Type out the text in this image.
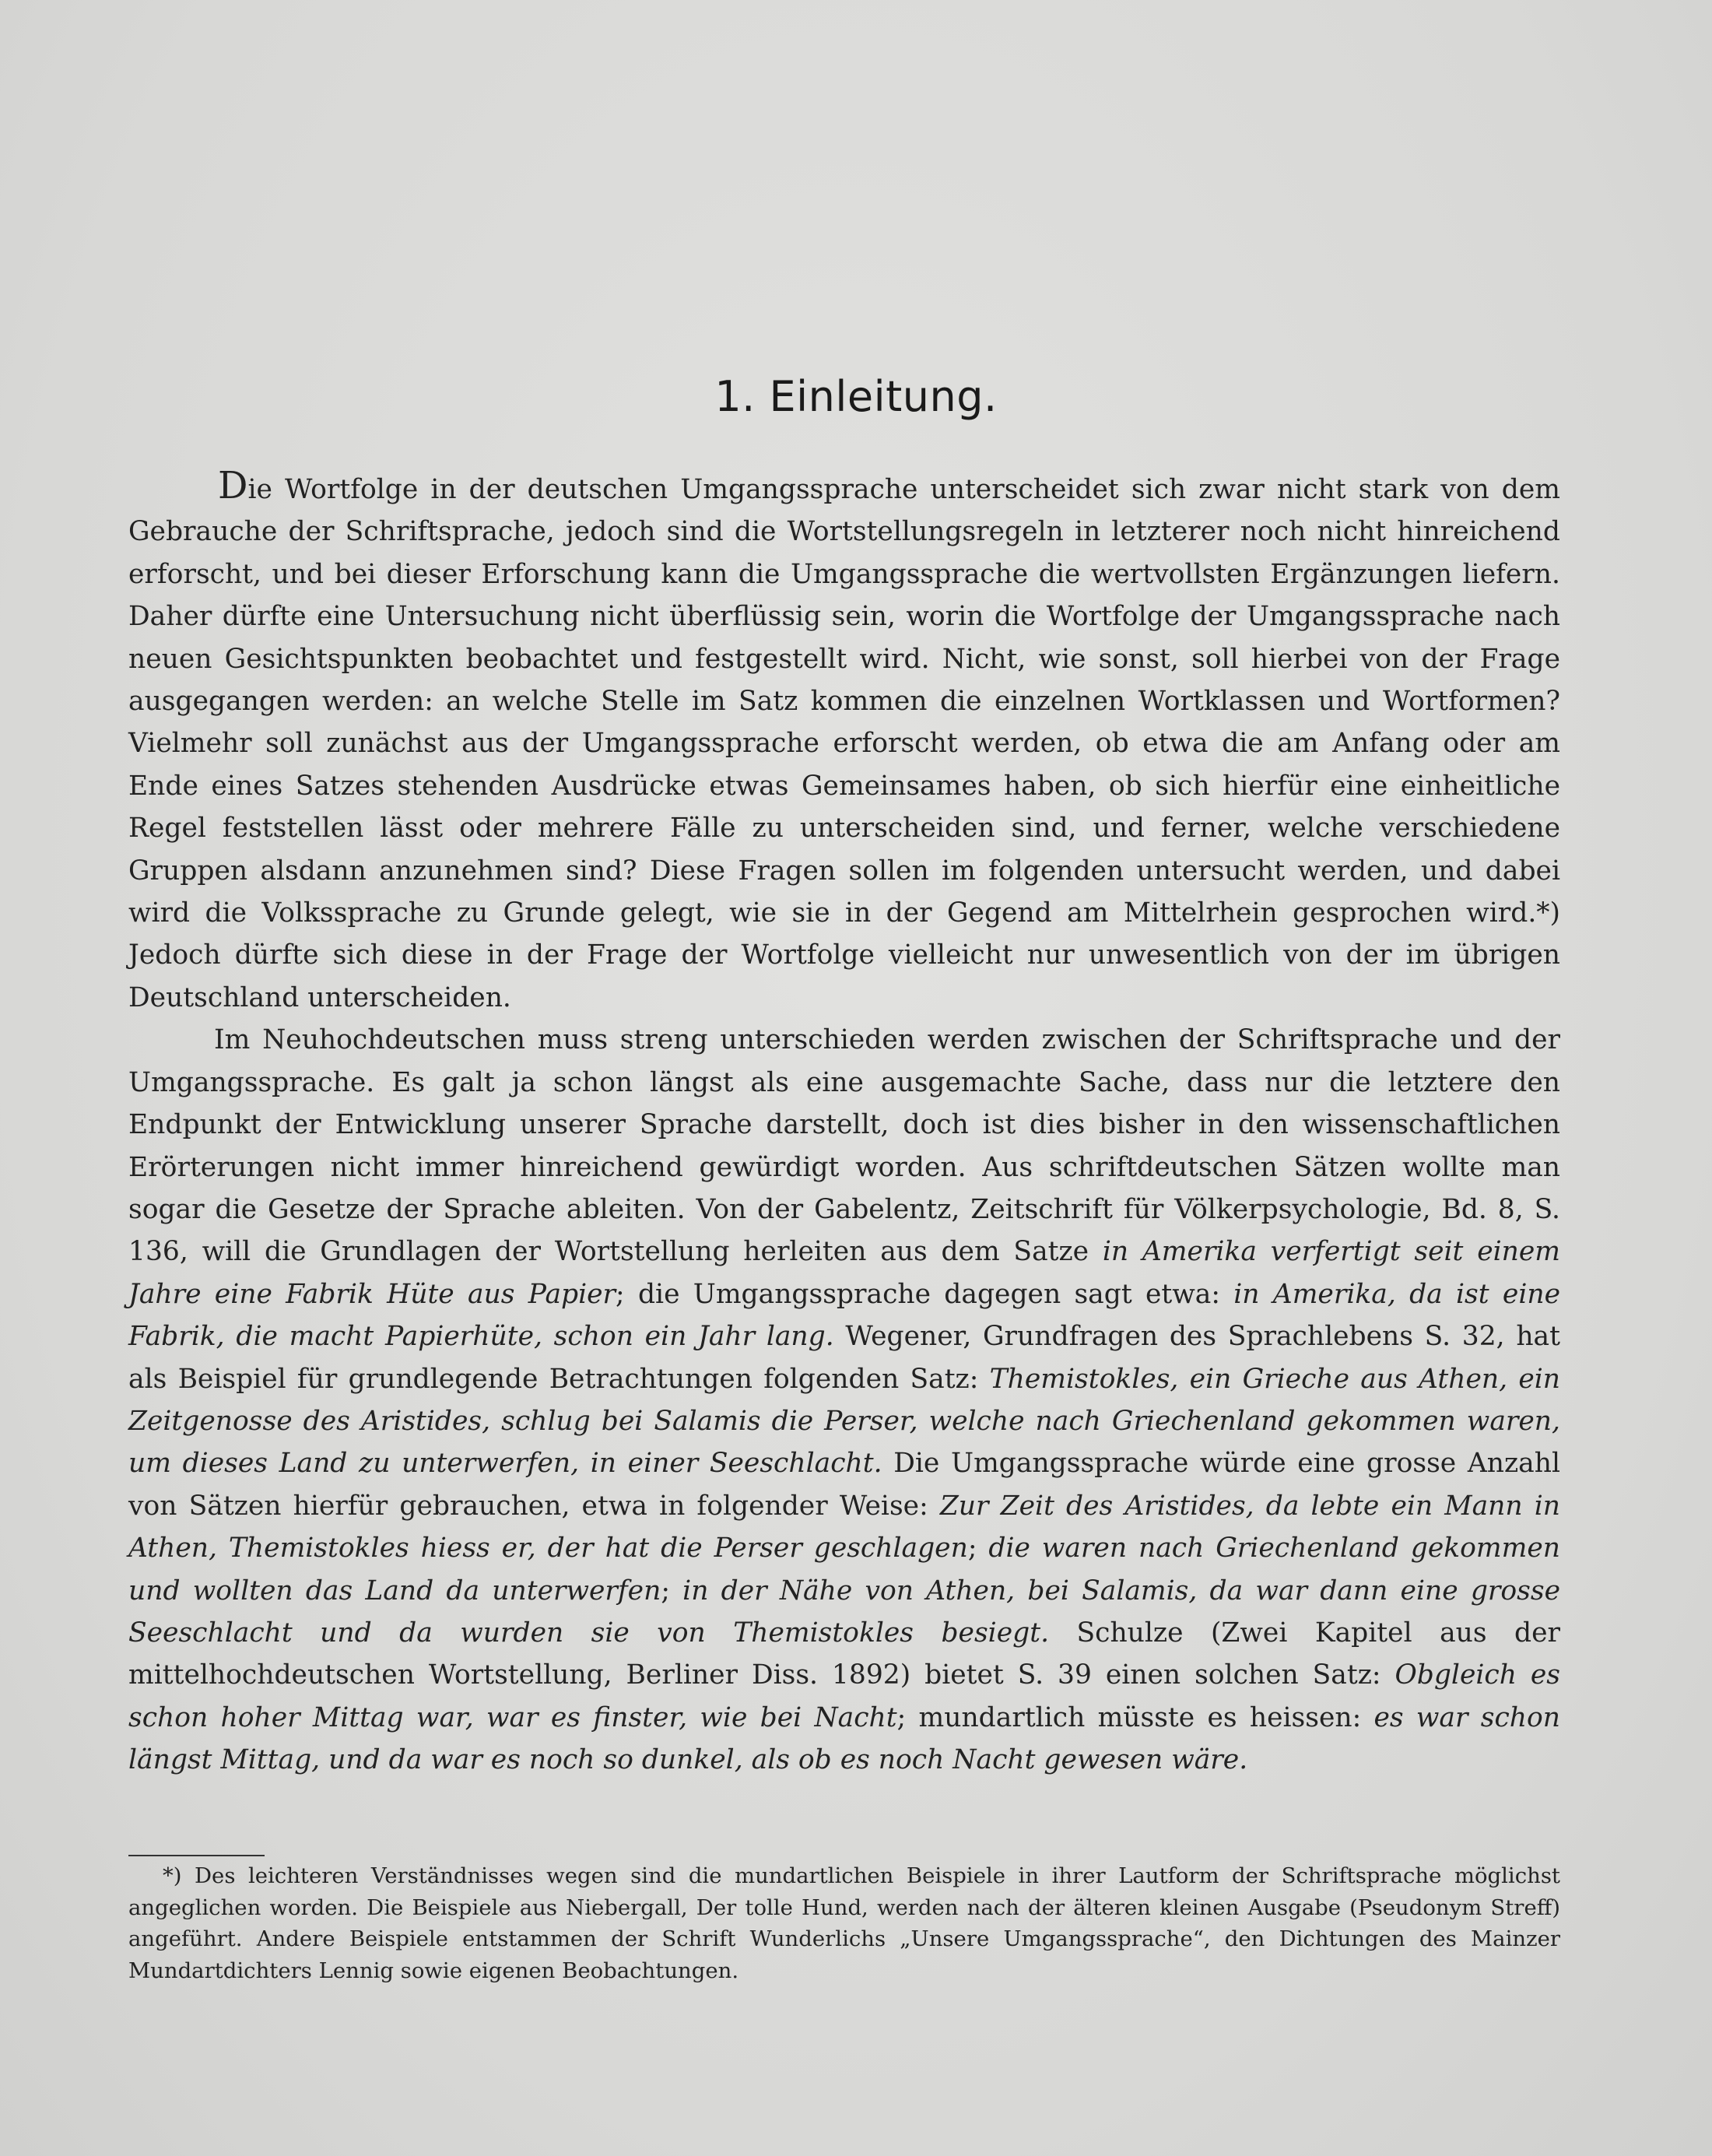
1. Einleitung.

Die Wortfolge in der deutschen Umgangssprache unterscheidet sich zwar nicht stark von dem Gebrauche der Schriftsprache, jedoch sind die Wortstellungsregeln in letzterer noch nicht hinreichend erforscht, und bei dieser Erforschung kann die Umgangssprache die wertvollsten Ergänzungen liefern. Daher dürfte eine Untersuchung nicht überflüssig sein, worin die Wortfolge der Umgangssprache nach neuen Gesichtspunkten beobachtet und festgestellt wird. Nicht, wie sonst, soll hierbei von der Frage ausgegangen werden: an welche Stelle im Satz kommen die einzelnen Wortklassen und Wortformen? Vielmehr soll zunächst aus der Umgangssprache erforscht werden, ob etwa die am Anfang oder am Ende eines Satzes stehenden Ausdrücke etwas Gemeinsames haben, ob sich hierfür eine einheitliche Regel feststellen lässt oder mehrere Fälle zu unterscheiden sind, und ferner, welche verschiedene Gruppen alsdann anzunehmen sind? Diese Fragen sollen im folgenden untersucht werden, und dabei wird die Volkssprache zu Grunde gelegt, wie sie in der Gegend am Mittelrhein gesprochen wird.*) Jedoch dürfte sich diese in der Frage der Wortfolge vielleicht nur unwesentlich von der im übrigen Deutschland unterscheiden.

Im Neuhochdeutschen muss streng unterschieden werden zwischen der Schriftsprache und der Umgangssprache. Es galt ja schon längst als eine ausgemachte Sache, dass nur die letztere den Endpunkt der Entwicklung unserer Sprache darstellt, doch ist dies bisher in den wissenschaftlichen Erörterungen nicht immer hinreichend gewürdigt worden. Aus schriftdeutschen Sätzen wollte man sogar die Gesetze der Sprache ableiten. Von der Gabelentz, Zeitschrift für Völkerpsychologie, Bd. 8, S. 136, will die Grundlagen der Wortstellung herleiten aus dem Satze in Amerika verfertigt seit einem Jahre eine Fabrik Hüte aus Papier; die Umgangssprache dagegen sagt etwa: in Amerika, da ist eine Fabrik, die macht Papierhüte, schon ein Jahr lang. Wegener, Grundfragen des Sprachlebens S. 32, hat als Beispiel für grundlegende Betrachtungen folgenden Satz: Themistokles, ein Grieche aus Athen, ein Zeitgenosse des Aristides, schlug bei Salamis die Perser, welche nach Griechenland gekommen waren, um dieses Land zu unterwerfen, in einer Seeschlacht. Die Umgangssprache würde eine grosse Anzahl von Sätzen hierfür gebrauchen, etwa in folgender Weise: Zur Zeit des Aristides, da lebte ein Mann in Athen, Themistokles hiess er, der hat die Perser geschlagen; die waren nach Griechenland gekommen und wollten das Land da unterwerfen; in der Nähe von Athen, bei Salamis, da war dann eine grosse Seeschlacht und da wurden sie von Themistokles besiegt. Schulze (Zwei Kapitel aus der mittelhochdeutschen Wortstellung, Berliner Diss. 1892) bietet S. 39 einen solchen Satz: Obgleich es schon hoher Mittag war, war es finster, wie bei Nacht; mundartlich müsste es heissen: es war schon längst Mittag, und da war es noch so dunkel, als ob es noch Nacht gewesen wäre.

*) Des leichteren Verständnisses wegen sind die mundartlichen Beispiele in ihrer Lautform der Schriftsprache möglichst angeglichen worden. Die Beispiele aus Niebergall, Der tolle Hund, werden nach der älteren kleinen Ausgabe (Pseudonym Streff) angeführt. Andere Beispiele entstammen der Schrift Wunderlichs „Unsere Umgangssprache“, den Dichtungen des Mainzer Mundartdichters Lennig sowie eigenen Beobachtungen.
